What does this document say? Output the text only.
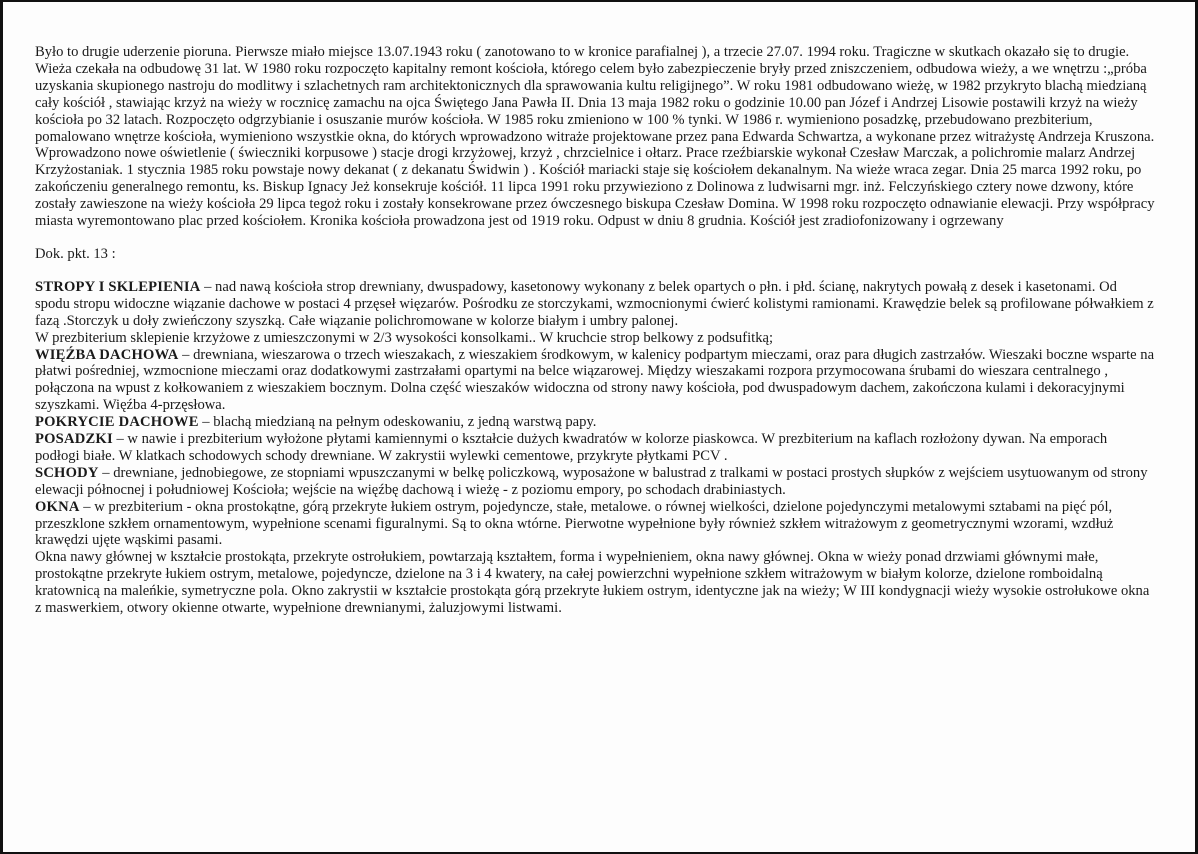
Było to drugie uderzenie pioruna. Pierwsze miało miejsce 13.07.1943 roku ( zanotowano to w kronice parafialnej ), a trzecie 27.07. 1994 roku. Tragiczne w skutkach okazało się to drugie. Wieża czekała na odbudowę 31 lat. W 1980 roku rozpoczęto kapitalny remont kościoła, którego celem było zabezpieczenie bryły przed zniszczeniem, odbudowa wieży, a we wnętrzu :„próba uzyskania skupionego nastroju do modlitwy i szlachetnych ram architektonicznych dla sprawowania kultu religijnego”. W roku 1981 odbudowano wieżę, w 1982 przykryto blachą miedzianą cały kościół , stawiając krzyż na wieży w rocznicę zamachu na ojca Świętego Jana Pawła II. Dnia 13 maja 1982 roku o godzinie 10.00 pan Józef i Andrzej Lisowie postawili krzyż na wieży kościoła po 32 latach. Rozpoczęto odgrzybianie i osuszanie murów kościoła. W 1985 roku zmieniono w 100 % tynki. W 1986 r. wymieniono posadzkę, przebudowano prezbiterium, pomalowano wnętrze kościoła, wymieniono wszystkie okna, do których wprowadzono witraże projektowane przez pana Edwarda Schwartza, a wykonane przez witrażystę Andrzeja Kruszona. Wprowadzono nowe oświetlenie ( świeczniki korpusowe ) stacje drogi krzyżowej, krzyż , chrzcielnice i ołtarz. Prace rzeźbiarskie wykonał Czesław Marczak, a polichromie malarz Andrzej Krzyżostaniak. 1 stycznia 1985 roku powstaje nowy dekanat ( z dekanatu Świdwin ) . Kościół mariacki staje się kościołem dekanalnym. Na wieże wraca zegar. Dnia 25 marca 1992 roku, po zakończeniu generalnego remontu, ks. Biskup Ignacy Jeż konsekruje kościół. 11 lipca 1991 roku przywieziono z Dolinowa z ludwisarni mgr. inż. Felczyńskiego cztery nowe dzwony, które zostały zawieszone na wieży kościoła 29 lipca tegoż roku i zostały konsekrowane przez ówczesnego biskupa Czesław Domina. W 1998 roku rozpoczęto odnawianie elewacji. Przy współpracy miasta wyremontowano plac przed kościołem. Kronika kościoła prowadzona jest od 1919 roku. Odpust w dniu 8 grudnia. Kościół jest zradiofonizowany i ogrzewany

Dok. pkt. 13 :

STROPY I SKLEPIENIA – nad nawą kościoła strop drewniany, dwuspadowy, kasetonowy wykonany z belek opartych o płn. i płd. ścianę, nakrytych powałą z desek i kasetonami. Od spodu stropu widoczne wiązanie dachowe w postaci 4 przęseł więzarów. Pośrodku ze storczykami, wzmocnionymi ćwierć kolistymi ramionami. Krawędzie belek są profilowane półwałkiem z fazą .Storczyk u doły zwieńczony szyszką. Całe wiązanie polichromowane w kolorze białym i umbry palonej.

W prezbiterium sklepienie krzyżowe z umieszczonymi w 2/3 wysokości konsolkami.. W kruchcie strop belkowy z podsufitką;

WIĘŹBA DACHOWA – drewniana, wieszarowa o trzech wieszakach, z wieszakiem środkowym, w kalenicy podpartym mieczami, oraz para długich zastrzałów. Wieszaki boczne wsparte na płatwi pośredniej, wzmocnione mieczami oraz dodatkowymi zastrzałami opartymi na belce wiązarowej. Między wieszakami rozpora przymocowana śrubami do wieszara centralnego , połączona na wpust z kołkowaniem z wieszakiem bocznym. Dolna część wieszaków widoczna od strony nawy kościoła, pod dwuspadowym dachem, zakończona kulami i dekoracyjnymi szyszkami. Więźba 4-przęsłowa.

POKRYCIE DACHOWE – blachą miedzianą na pełnym odeskowaniu, z jedną warstwą papy.

POSADZKI – w nawie i prezbiterium wyłożone płytami kamiennymi o kształcie dużych kwadratów w kolorze piaskowca. W prezbiterium na kaflach rozłożony dywan. Na emporach podłogi białe. W klatkach schodowych schody drewniane. W zakrystii wylewki cementowe, przykryte płytkami PCV .

SCHODY – drewniane, jednobiegowe, ze stopniami wpuszczanymi w belkę policzkową, wyposażone w balustrad z tralkami w postaci prostych słupków z wejściem usytuowanym od strony elewacji północnej i południowej Kościoła; wejście na więźbę dachową i wieżę - z poziomu empory, po schodach drabiniastych.

OKNA – w prezbiterium - okna prostokątne, górą przekryte łukiem ostrym, pojedyncze, stałe, metalowe. o równej wielkości, dzielone pojedynczymi metalowymi sztabami na pięć pól, przeszklone szkłem ornamentowym, wypełnione scenami figuralnymi. Są to okna wtórne. Pierwotne wypełnione były również szkłem witrażowym z geometrycznymi wzorami, wzdłuż krawędzi ujęte wąskimi pasami.

Okna nawy głównej w kształcie prostokąta, przekryte ostrołukiem, powtarzają kształtem, forma i wypełnieniem, okna nawy głównej. Okna w wieży ponad drzwiami głównymi małe, prostokątne przekryte łukiem ostrym, metalowe, pojedyncze, dzielone na 3 i 4 kwatery, na całej powierzchni wypełnione szkłem witrażowym w białym kolorze, dzielone romboidalną kratownicą na maleńkie, symetryczne pola. Okno zakrystii w kształcie prostokąta górą przekryte łukiem ostrym, identyczne jak na wieży; W III kondygnacji wieży wysokie ostrołukowe okna z maswerkiem, otwory okienne otwarte, wypełnione drewnianymi, żaluzjowymi listwami.
